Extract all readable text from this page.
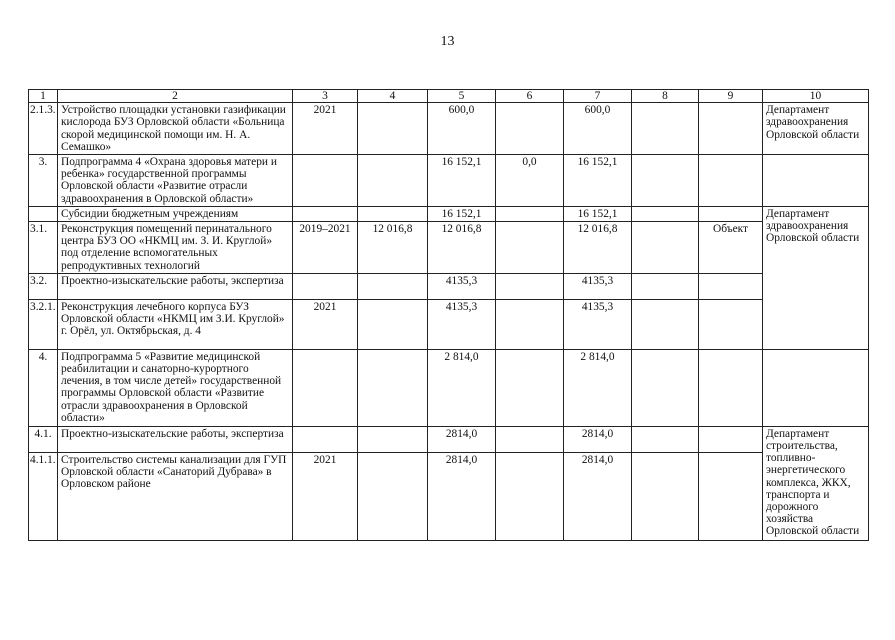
13
1	2	3	4	5	6	7	8	9	10
2.1.3.	Устройство площадки установки газификации кислорода БУЗ Орловской области «Больница скорой медицинской помощи им. Н. А. Семашко»	2021		600,0		600,0			Департамент здравоохранения Орловской области
3.	Подпрограмма 4 «Охрана здоровья матери и ребенка» государственной программы Орловской области «Развитие отрасли здравоохранения в Орловской области»			16 152,1	0,0	16 152,1			
	Субсидии бюджетным учреждениям			16 152,1		16 152,1			Департамент здравоохранения Орловской области
3.1.	Реконструкция помещений перинатального центра БУЗ ОО «НКМЦ им. З. И. Круглой» под отделение вспомогательных репродуктивных технологий	2019–2021	12 016,8	12 016,8		12 016,8		Объект	
3.2.	Проектно-изыскательские работы, экспертиза			4135,3		4135,3			
3.2.1.	Реконструкция лечебного корпуса БУЗ Орловской области «НКМЦ им З.И. Круглой» г. Орёл, ул. Октябрьская, д. 4	2021		4135,3		4135,3			
4.	Подпрограмма 5 «Развитие медицинской реабилитации и санаторно-курортного лечения, в том числе детей» государственной программы Орловской области «Развитие отрасли здравоохранения в Орловской области»			2 814,0		2 814,0			
4.1.	Проектно-изыскательские работы, экспертиза			2814,0		2814,0			Департамент строительства, топливно-энергетического комплекса, ЖКХ, транспорта и дорожного хозяйства Орловской области
4.1.1.	Строительство системы канализации для ГУП Орловской области «Санаторий Дубрава» в Орловском районе	2021		2814,0		2814,0			
